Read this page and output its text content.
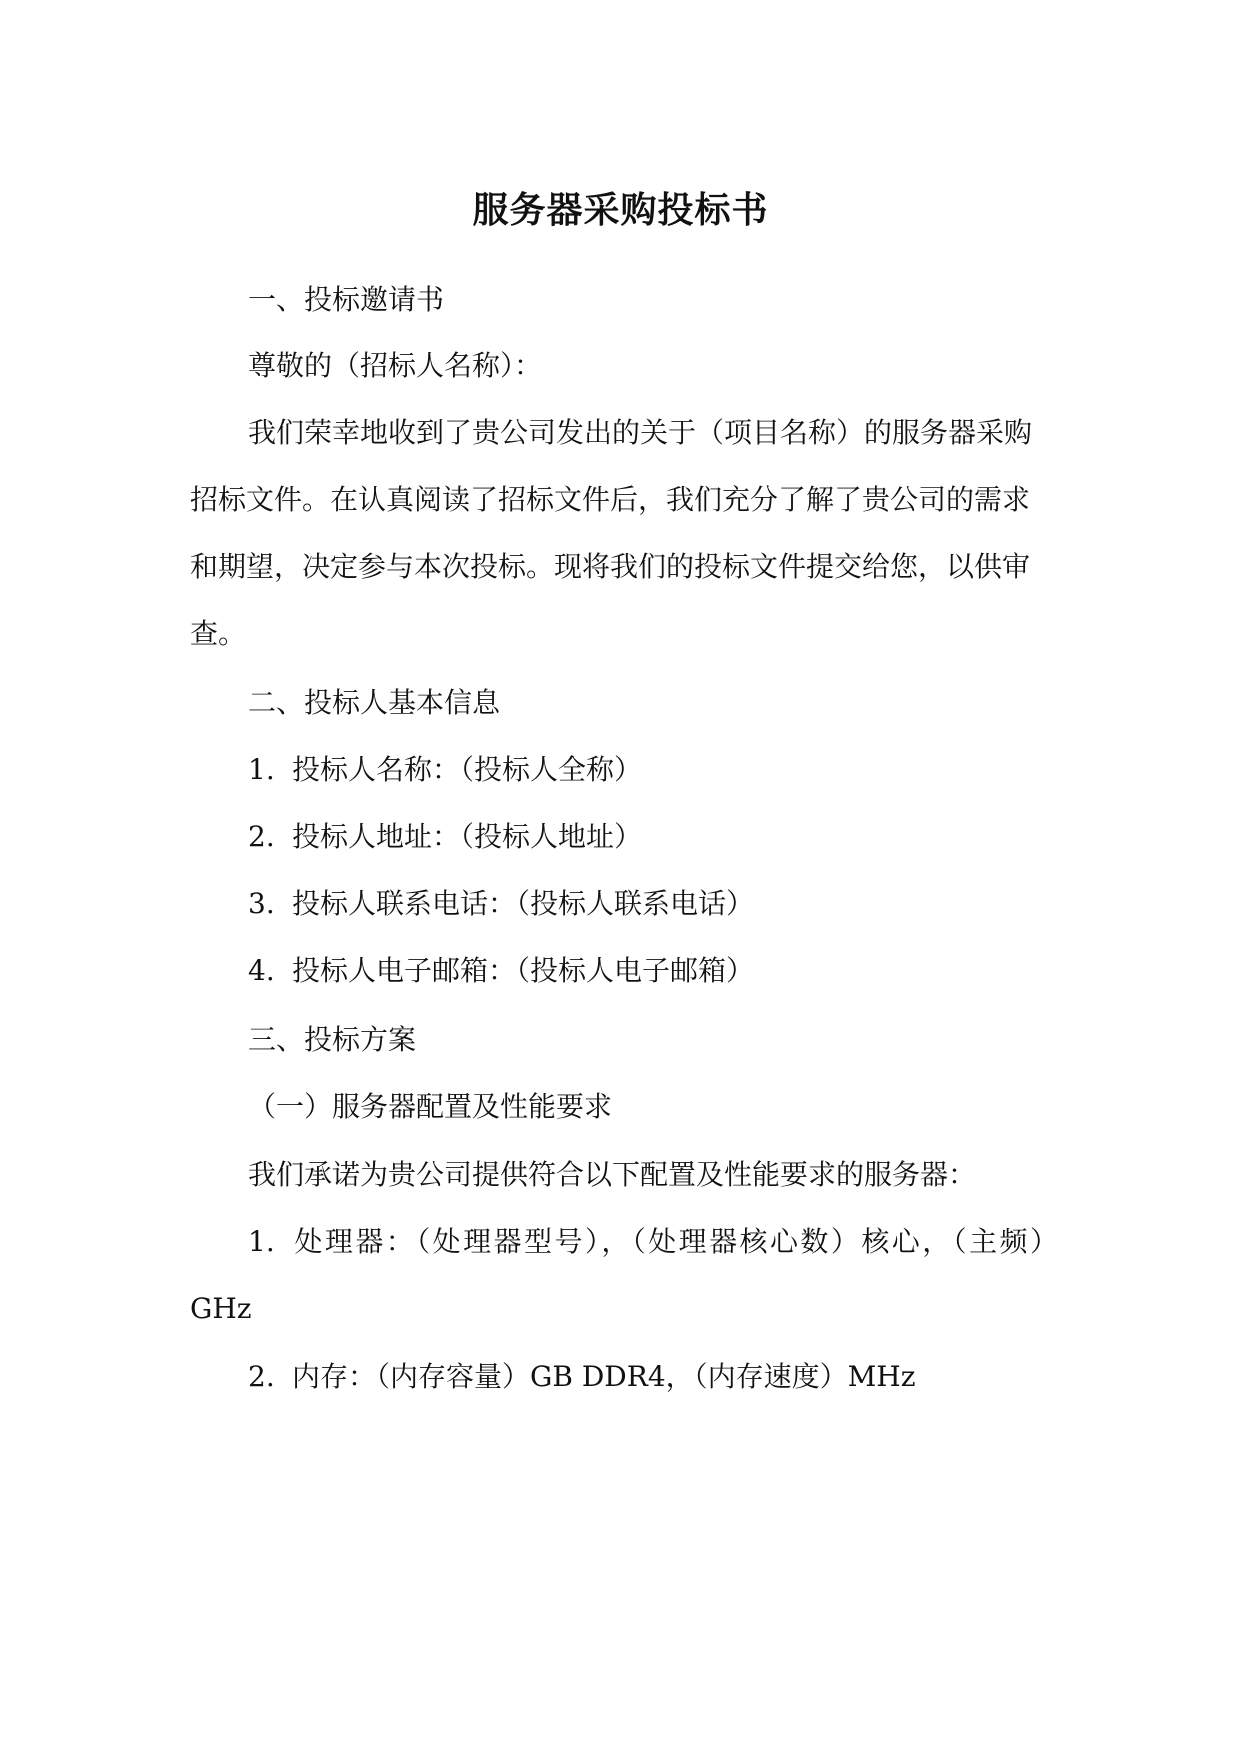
服务器采购投标书
一、投标邀请书
尊敬的（招标人名称）：
我们荣幸地收到了贵公司发出的关于（项目名称）的服务器采购
招标文件。在认真阅读了招标文件后，我们充分了解了贵公司的需求
和期望，决定参与本次投标。现将我们的投标文件提交给您，以供审
查。
二、投标人基本信息
1. 投标人名称：（投标人全称）
2. 投标人地址：（投标人地址）
3. 投标人联系电话：（投标人联系电话）
4. 投标人电子邮箱：（投标人电子邮箱）
三、投标方案
（一）服务器配置及性能要求
我们承诺为贵公司提供符合以下配置及性能要求的服务器：
1. 处理器：（处理器型号），（处理器核心数）核心，（主频）
GHz
2. 内存：（内存容量）GB DDR4，（内存速度）MHz
